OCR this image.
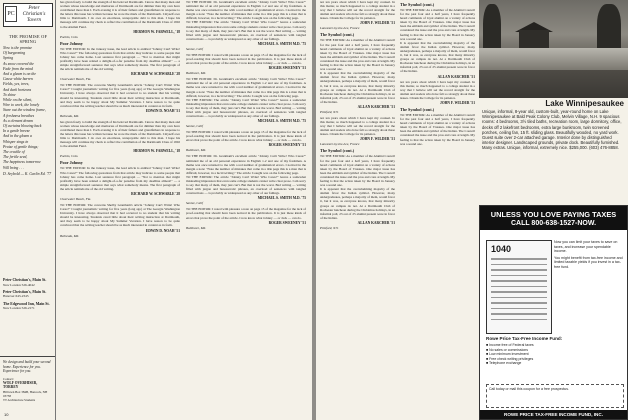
PC
Peter Christian's Tavern

THE PROMISE OF SPRING

Now is the promise

Of burgeoning

Spring

As snow covered the

Fade from the mind

And a gleam is on the

Cause white barren

Fields, yes, trees,

And dark horizons

To shine

While on the silent,

Wire to work, the lonely

Stare out the window frame,

A freshness breathes

As a clement dream

Of curtains blowing back

In a gentle breeze

And in the gloam a

Whisper sings in

Praise of gentle things;

The crackle of

The fertile seed,

The happiness tomorrow

Will bring . . .

D. Seybold — K. Garlin Ed. '77

Peter Christian's, Main St.

New London 526-4042

Peter Christian's, Main St.

Hanover 643-2345

The Edgewood Inn, Main St.

New London 526-2171

We design and build your second home. Experience for you. Experience for you.

Contact:

WOLF OVERHISER, TORREY

Hilltown Box 384B, Hancock, NH 03758

TT Architecture Students

has given freely to build the strength of his beloved Dartmouth. I know that many men and women whose knowledge and memories of Dartmouth are far dimmer than my own have contributed more than I. Each evening it is of their fathers and grandfathers in response to the letters this issue has written because he wore the mark of the Dartmouth. I myself owe little to Dartmouth. I do owe an enormous, unrepayable debt to this man. I hope his message will continue my check to reflect the contribution of the Dartmouth Class of 1902 to the Alumni Fund.

HERMON W. FARWELL, '18

Pueblo, Colo.

Poor Johnny

TO THE EDITOR: In the January issue, the lead article is entitled "Johnny Can't Write! Who Cares?" The following quotations from that article may indicate to some people that Johnny has come home. Last sentence first paragraph — "Not to mention that might profitably have been related a delight-of-a-far paradise from my deadline almost!" — a simple straightforward sentence that says what somebody means. The first paragraph of the article reminds me of the old writing.

RICHARD W. SCHWABLE '28

Clearwater Beach, Fla.

TO THE EDITOR: The concerns Shelby Grantham's article "Johnny Can't Write! Who Cares?" I taught journalistic writing for five years (long ago) at The Georgia Washington University. I have always observed that it had occurred to no student that his writing should be interesting. Students cared little about their writing instruction at Dartmouth, and they seem to be happy about My Summer Vacation. I have reason to be quite convinced that the writing teacher should be as much interested in content as in form.

EDWIN D. NOAH '51

Bethesda, Md.

has given freely to build the strength of his beloved Dartmouth. I know that many men and women whose knowledge and memories of Dartmouth are far dimmer than my own have contributed more than I. Each evening it is of their fathers and grandfathers in response to the letters this issue has written because he wore the mark of the Dartmouth. I myself owe little to Dartmouth. I do owe an enormous, unrepayable debt to this man. I hope his message will continue my check to reflect the contribution of the Dartmouth Class of 1902 to the Alumni Fund.

HERMON W. FARWELL, '18

Pueblo, Colo.

Poor Johnny

TO THE EDITOR: In the January issue, the lead article is entitled "Johnny Can't Write! Who Cares?" The following quotations from that article may indicate to some people that Johnny has come home. Last sentence first paragraph — "Not to mention that might profitably have been related a delight-of-a-far paradise from my deadline almost!" — a simple straightforward sentence that says what somebody means. The first paragraph of the article reminds me of the old writing.

RICHARD W. SCHWABLE '28

Clearwater Beach, Fla.

TO THE EDITOR: The concerns Shelby Grantham's article "Johnny Can't Write! Who Cares?" I taught journalistic writing for five years (long ago) at The Georgia Washington University. I have always observed that it had occurred to no student that his writing should be interesting. Students cared little about their writing instruction at Dartmouth, and they seem to be happy about My Summer Vacation. I have reason to be quite convinced that the writing teacher should be as much interested in content as in form.

EDWIN D. NOAH '51

Bethesda, Md.

TO THE EDITOR: Dr. Grantham's excellent article "Johnny Can't Write! Who Cares?" reminded me of an old personal experience in English 1-2 and one of my freshmen. A theme was once returned to me with a red number of grammatical errors. I noticed in the margin a note: "Note the number of mistakes that come in a title page this is a man that is difficult, however, in a lucid writing." The article I sought was on the following page.

TO THE EDITOR: The article "Johnny Can't Write! Who Cares?" leaves a somewhat misleading impression that even some college students cannot write clear prose. I am sorry to say that many of them, they just can't. But that is not the worst. Bad writing — writing filled with jargon and bureaucratic phrases, an overload of sentences with tangled constructions — is probably as widespread as any other of our failings.

MICHAEL S. SMITH M.D. '75

Santee, Calif

TO THE EDITOR: I noted with pleasure a note on page 15 of the magazine for the lack of proof-reading that should have been noticed in the publication. It is just these kinds of errors that prove the point of the article. I now know what Johnny — or Jack — can do.

ROGER SWEENEY '51

Baltimore, Md.

TO THE EDITOR: Dr. Grantham's excellent article "Johnny Can't Write! Who Cares?" reminded me of an old personal experience in English 1-2 and one of my freshmen. A theme was once returned to me with a red number of grammatical errors. I noticed in the margin a note: "Note the number of mistakes that come in a title page this is a man that is difficult, however, in a lucid writing." The article I sought was on the following page.

TO THE EDITOR: The article "Johnny Can't Write! Who Cares?" leaves a somewhat misleading impression that even some college students cannot write clear prose. I am sorry to say that many of them, they just can't. But that is not the worst. Bad writing — writing filled with jargon and bureaucratic phrases, an overload of sentences with tangled constructions — is probably as widespread as any other of our failings.

MICHAEL S. SMITH M.D. '75

Santee, Calif

TO THE EDITOR: I noted with pleasure a note on page 15 of the magazine for the lack of proof-reading that should have been noticed in the publication. It is just these kinds of errors that prove the point of the article. I now know what Johnny — or Jack — can do.

ROGER SWEENEY '51

Baltimore, Md.

TO THE EDITOR: Dr. Grantham's excellent article "Johnny Can't Write! Who Cares?" reminded me of an old personal experience in English 1-2 and one of my freshmen. A theme was once returned to me with a red number of grammatical errors. I noticed in the margin a note: "Note the number of mistakes that come in a title page this is a man that is difficult, however, in a lucid writing." The article I sought was on the following page.

TO THE EDITOR: The article "Johnny Can't Write! Who Cares?" leaves a somewhat misleading impression that even some college students cannot write clear prose. I am sorry to say that many of them, they just can't. But that is not the worst. Bad writing — writing filled with jargon and bureaucratic phrases, an overload of sentences with tangled constructions — is probably as widespread as any other of our failings.

MICHAEL S. SMITH M.D. '75

Santee, Calif

TO THE EDITOR: I noted with pleasure a note on page 15 of the magazine for the lack of proof-reading that should have been noticed in the publication. It is just these kinds of errors that prove the point of the article. I now know what Johnny — or Jack — can do.

ROGER SWEENEY '51

Baltimore, Md.

10

not ten years about which I have kept my counsel. In this matter, so much happened to a college student in a way that I believe will set the record straight for the alumni and readers who have felt so strongly about these issues. I thank the College for its patience.

JOHN F. WILDER '51

Lancaster-by-the-Lee, France

The Symbol (cont.)

TO THE EDITOR: As a member of the Alumni Council for the past four and a half years, I have frequently heard comments of loyal alumni on a variety of actions taken by the Board of Trustees. One major issue has been the emblem and symbol of the Indian. The Council considered the issue and the pros and cons at length. My feeling is that the action taken by the Board in January was a sound one.

It is apparent that the overwhelming majority of the alumni favor the Indian symbol. However, many undergraduates, perhaps a majority of them, would favor it, but it was, as everyone knows, that many minority groups on campus do not. At a Dartmouth Club of Rochester luncheon during the Christmas holidays, in an informal poll, 23 out of 25 alumni present were in favor of the Indian.

ALLAN KARCHER '51

Pittsford, N.Y.

not ten years about which I have kept my counsel. In this matter, so much happened to a college student in a way that I believe will set the record straight for the alumni and readers who have felt so strongly about these issues. I thank the College for its patience.

JOHN F. WILDER '51

Lancaster-by-the-Lee, France

The Symbol (cont.)

TO THE EDITOR: As a member of the Alumni Council for the past four and a half years, I have frequently heard comments of loyal alumni on a variety of actions taken by the Board of Trustees. One major issue has been the emblem and symbol of the Indian. The Council considered the issue and the pros and cons at length. My feeling is that the action taken by the Board in January was a sound one.

It is apparent that the overwhelming majority of the alumni favor the Indian symbol. However, many undergraduates, perhaps a majority of them, would favor it, but it was, as everyone knows, that many minority groups on campus do not. At a Dartmouth Club of Rochester luncheon during the Christmas holidays, in an informal poll, 23 out of 25 alumni present were in favor of the Indian.

ALLAN KARCHER '51

Pittsford, N.Y.

The Symbol (cont.)

TO THE EDITOR: As a member of the Alumni Council for the past four and a half years, I have frequently heard comments of loyal alumni on a variety of actions taken by the Board of Trustees. One major issue has been the emblem and symbol of the Indian. The Council considered the issue and the pros and cons at length. My feeling is that the action taken by the Board in January was a sound one.

It is apparent that the overwhelming majority of the alumni favor the Indian symbol. However, many undergraduates, perhaps a majority of them, would favor it, but it was, as everyone knows, that many minority groups on campus do not. At a Dartmouth Club of Rochester luncheon during the Christmas holidays, in an informal poll, 23 out of 25 alumni present were in favor of the Indian.

ALLAN KARCHER '51

not ten years about which I have kept my counsel. In this matter, so much happened to a college student in a way that I believe will set the record straight for the alumni and readers who have felt so strongly about these issues. I thank the College for its patience.

JOHN F. WILDER '51

The Symbol (cont.)

TO THE EDITOR: As a member of the Alumni Council for the past four and a half years, I have frequently heard comments of loyal alumni on a variety of actions taken by the Board of Trustees. One major issue has been the emblem and symbol of the Indian. The Council considered the issue and the pros and cons at length. My feeling is that the action taken by the Board in January was a sound one.

Lake Winnipesaukee

Unique, informal, 8-year old, custom-built, year-round home on Lake Winnipesaukee at Bald Peak Colony Club, Melvin Village, N.H. 9 spacious rooms: 4 bedrooms, 3½ tiled baths, recreation room, large dormitory, office, decks off 2 lakefront bedrooms, extra large bunkroom, twin screened porches, ceiling fan, 15 ft. sliding glass. Beautifully wooded, no yard work. Guest suite over 2-car attached garage. Interior done by distinguished interior designer. Landscaped grounds, private dock. Beautifully furnished. Many extras. Unique, informal, extremely nice. $255,000. (603) 476-8858.

UNLESS YOU LOVE PAYING TAXES

CALL 800-638-1527-NOW.

1040

Now you can limit your taxes to save on taxes, and increase your spendable income.

You might benefit from tax-free income and limited taxable yields if you invest in a tax-free fund.

Rowe Price Tax-Free Income Fund:

■ Income free of Federal taxes

■ No sales or commissions

■ Low minimum investment

■ Free check writing privileges

■ Telephone exchange

Call today or mail this coupon for a free prospectus.

ROWE PRICE TAX-FREE INCOME FUND, INC.	11
